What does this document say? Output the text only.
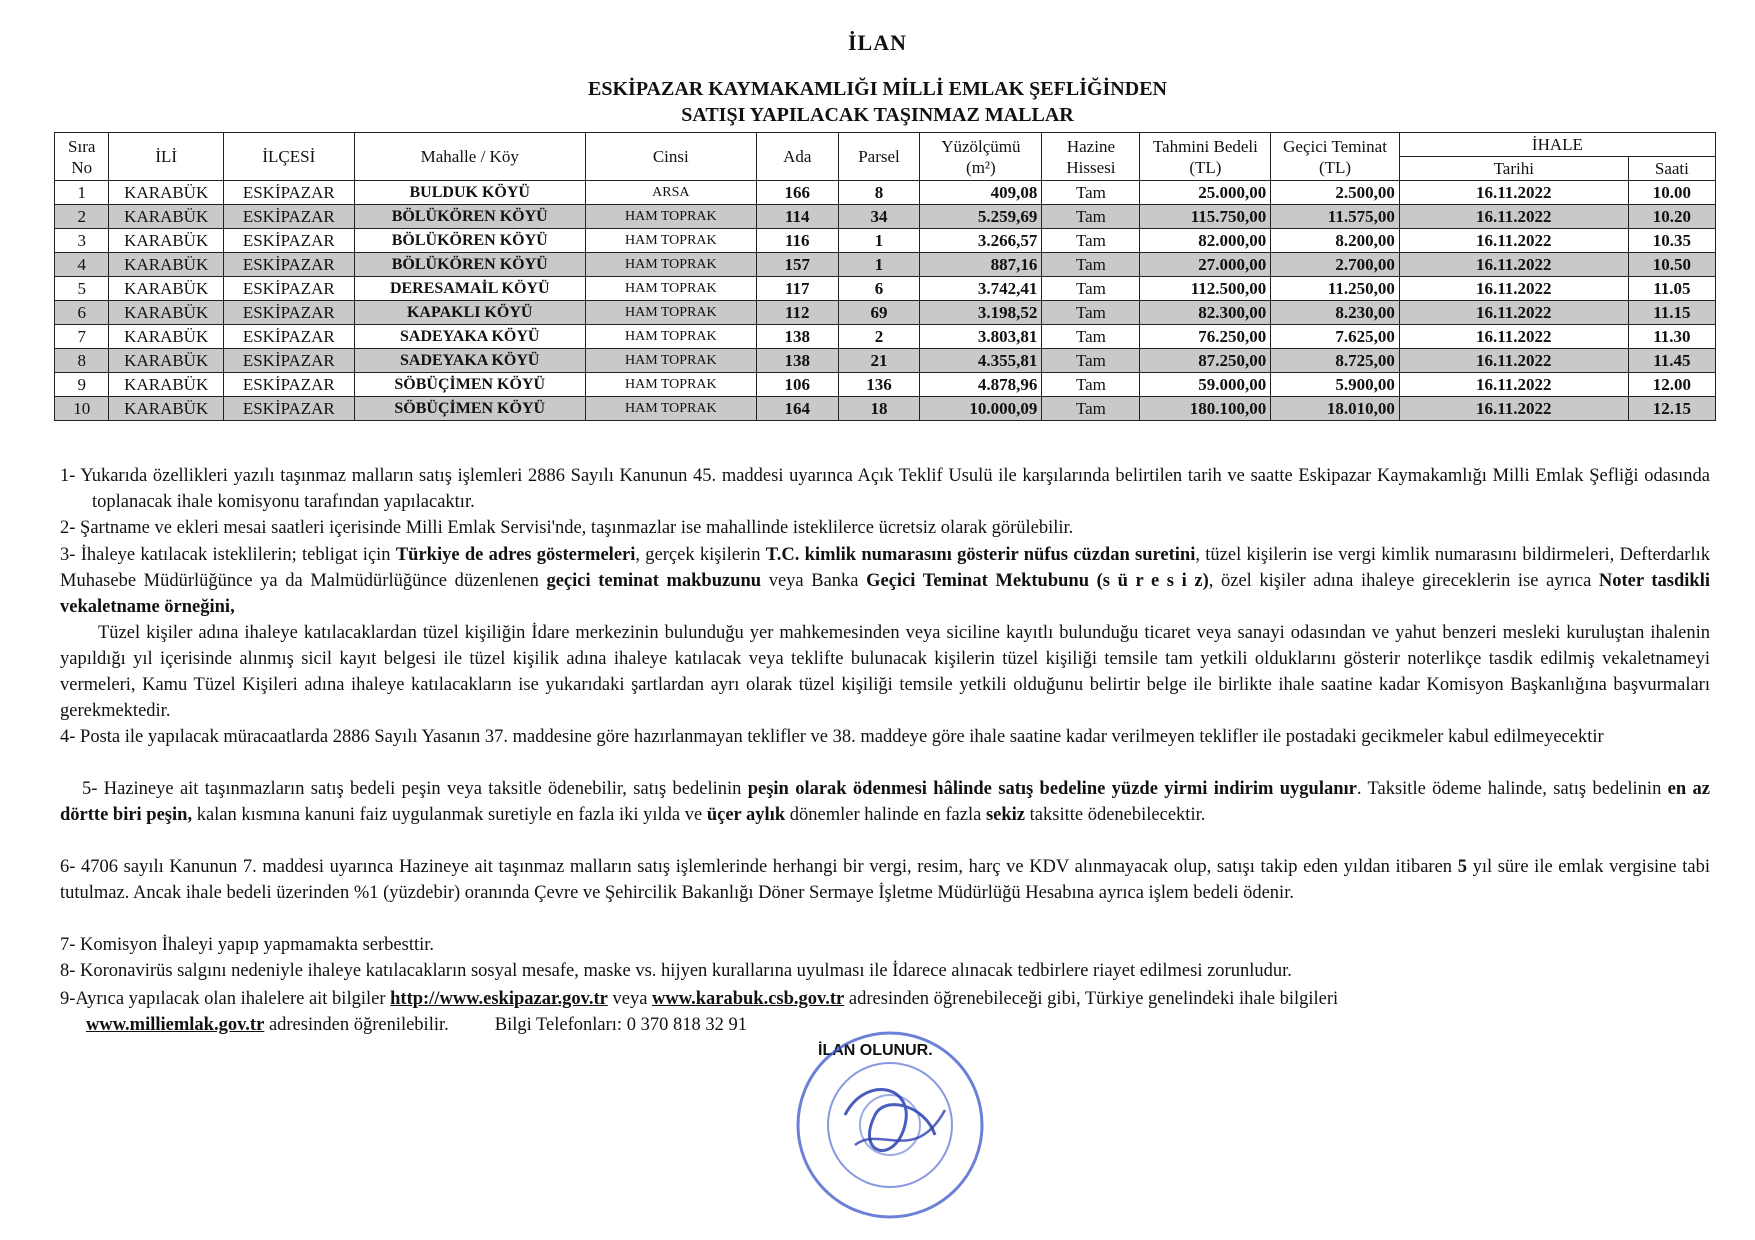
İLAN
ESKİPAZAR KAYMAKAMLIĞI MİLLİ EMLAK ŞEFLİĞİNDEN
SATIŞI YAPILACAK TAŞINMAZ MALLAR
Sıra No	İLİ	İLÇESİ	Mahalle / Köy	Cinsi	Ada	Parsel	Yüzölçümü (m²)	Hazine Hissesi	Tahmini Bedeli (TL)	Geçici Teminat (TL)	İHALE	
											Tarihi	Saati
1	KARABÜK	ESKİPAZAR	BULDUK KÖYÜ	ARSA	166	8	409,08	Tam	25.000,00	2.500,00	16.11.2022	10.00
2	KARABÜK	ESKİPAZAR	BÖLÜKÖREN KÖYÜ	HAM TOPRAK	114	34	5.259,69	Tam	115.750,00	11.575,00	16.11.2022	10.20
3	KARABÜK	ESKİPAZAR	BÖLÜKÖREN KÖYÜ	HAM TOPRAK	116	1	3.266,57	Tam	82.000,00	8.200,00	16.11.2022	10.35
4	KARABÜK	ESKİPAZAR	BÖLÜKÖREN KÖYÜ	HAM TOPRAK	157	1	887,16	Tam	27.000,00	2.700,00	16.11.2022	10.50
5	KARABÜK	ESKİPAZAR	DERESAMAİL KÖYÜ	HAM TOPRAK	117	6	3.742,41	Tam	112.500,00	11.250,00	16.11.2022	11.05
6	KARABÜK	ESKİPAZAR	KAPAKLI KÖYÜ	HAM TOPRAK	112	69	3.198,52	Tam	82.300,00	8.230,00	16.11.2022	11.15
7	KARABÜK	ESKİPAZAR	SADEYAKA KÖYÜ	HAM TOPRAK	138	2	3.803,81	Tam	76.250,00	7.625,00	16.11.2022	11.30
8	KARABÜK	ESKİPAZAR	SADEYAKA KÖYÜ	HAM TOPRAK	138	21	4.355,81	Tam	87.250,00	8.725,00	16.11.2022	11.45
9	KARABÜK	ESKİPAZAR	SÖBÜÇİMEN KÖYÜ	HAM TOPRAK	106	136	4.878,96	Tam	59.000,00	5.900,00	16.11.2022	12.00
10	KARABÜK	ESKİPAZAR	SÖBÜÇİMEN KÖYÜ	HAM TOPRAK	164	18	10.000,09	Tam	180.100,00	18.010,00	16.11.2022	12.15
1- Yukarıda özellikleri yazılı taşınmaz malların satış işlemleri 2886 Sayılı Kanunun 45. maddesi uyarınca Açık Teklif Usulü ile karşılarında belirtilen tarih ve saatte Eskipazar Kaymakamlığı Milli Emlak Şefliği odasında toplanacak ihale komisyonu tarafından yapılacaktır.
2- Şartname ve ekleri mesai saatleri içerisinde Milli Emlak Servisi'nde, taşınmazlar ise mahallinde isteklilerce ücretsiz olarak görülebilir.
3- İhaleye katılacak isteklilerin; tebligat için Türkiye de adres göstermeleri, gerçek kişilerin T.C. kimlik numarasını gösterir nüfus cüzdan suretini, tüzel kişilerin ise vergi kimlik numarasını bildirmeleri, Defterdarlık Muhasebe Müdürlüğünce ya da Malmüdürlüğünce düzenlenen geçici teminat makbuzunu veya Banka Geçici Teminat Mektubunu (s ü r e s i z), özel kişiler adına ihaleye gireceklerin ise ayrıca Noter tasdikli vekaletname örneğini,
Tüzel kişiler adına ihaleye katılacaklardan tüzel kişiliğin İdare merkezinin bulunduğu yer mahkemesinden veya siciline kayıtlı bulunduğu ticaret veya sanayi odasından ve yahut benzeri mesleki kuruluştan ihalenin yapıldığı yıl içerisinde alınmış sicil kayıt belgesi ile tüzel kişilik adına ihaleye katılacak veya teklifte bulunacak kişilerin tüzel kişiliği temsile tam yetkili olduklarını gösterir noterlikçe tasdik edilmiş vekaletnameyi vermeleri, Kamu Tüzel Kişileri adına ihaleye katılacakların ise yukarıdaki şartlardan ayrı olarak tüzel kişiliği temsile yetkili olduğunu belirtir belge ile birlikte ihale saatine kadar Komisyon Başkanlığına başvurmaları gerekmektedir.
4- Posta ile yapılacak müracaatlarda 2886 Sayılı Yasanın 37. maddesine göre hazırlanmayan teklifler ve 38. maddeye göre ihale saatine kadar verilmeyen teklifler ile postadaki gecikmeler kabul edilmeyecektir
5- Hazineye ait taşınmazların satış bedeli peşin veya taksitle ödenebilir, satış bedelinin peşin olarak ödenmesi hâlinde satış bedeline yüzde yirmi indirim uygulanır. Taksitle ödeme halinde, satış bedelinin en az dörtte biri peşin, kalan kısmına kanuni faiz uygulanmak suretiyle en fazla iki yılda ve üçer aylık dönemler halinde en fazla sekiz taksitte ödenebilecektir.
6- 4706 sayılı Kanunun 7. maddesi uyarınca Hazineye ait taşınmaz malların satış işlemlerinde herhangi bir vergi, resim, harç ve KDV alınmayacak olup, satışı takip eden yıldan itibaren 5 yıl süre ile emlak vergisine tabi tutulmaz. Ancak ihale bedeli üzerinden %1 (yüzdebir) oranında Çevre ve Şehircilik Bakanlığı Döner Sermaye İşletme Müdürlüğü Hesabına ayrıca işlem bedeli ödenir.
7- Komisyon İhaleyi yapıp yapmamakta serbesttir.
8- Koronavirüs salgını nedeniyle ihaleye katılacakların sosyal mesafe, maske vs. hijyen kurallarına uyulması ile İdarece alınacak tedbirlere riayet edilmesi zorunludur.
9-Ayrıca yapılacak olan ihalelere ait bilgiler http://www.eskipazar.gov.tr veya www.karabuk.csb.gov.tr adresinden öğrenebileceği gibi, Türkiye genelindeki ihale bilgileri
www.milliemlak.gov.tr adresinden öğrenilebilir. Bilgi Telefonları: 0 370 818 32 91
İLAN OLUNUR.
